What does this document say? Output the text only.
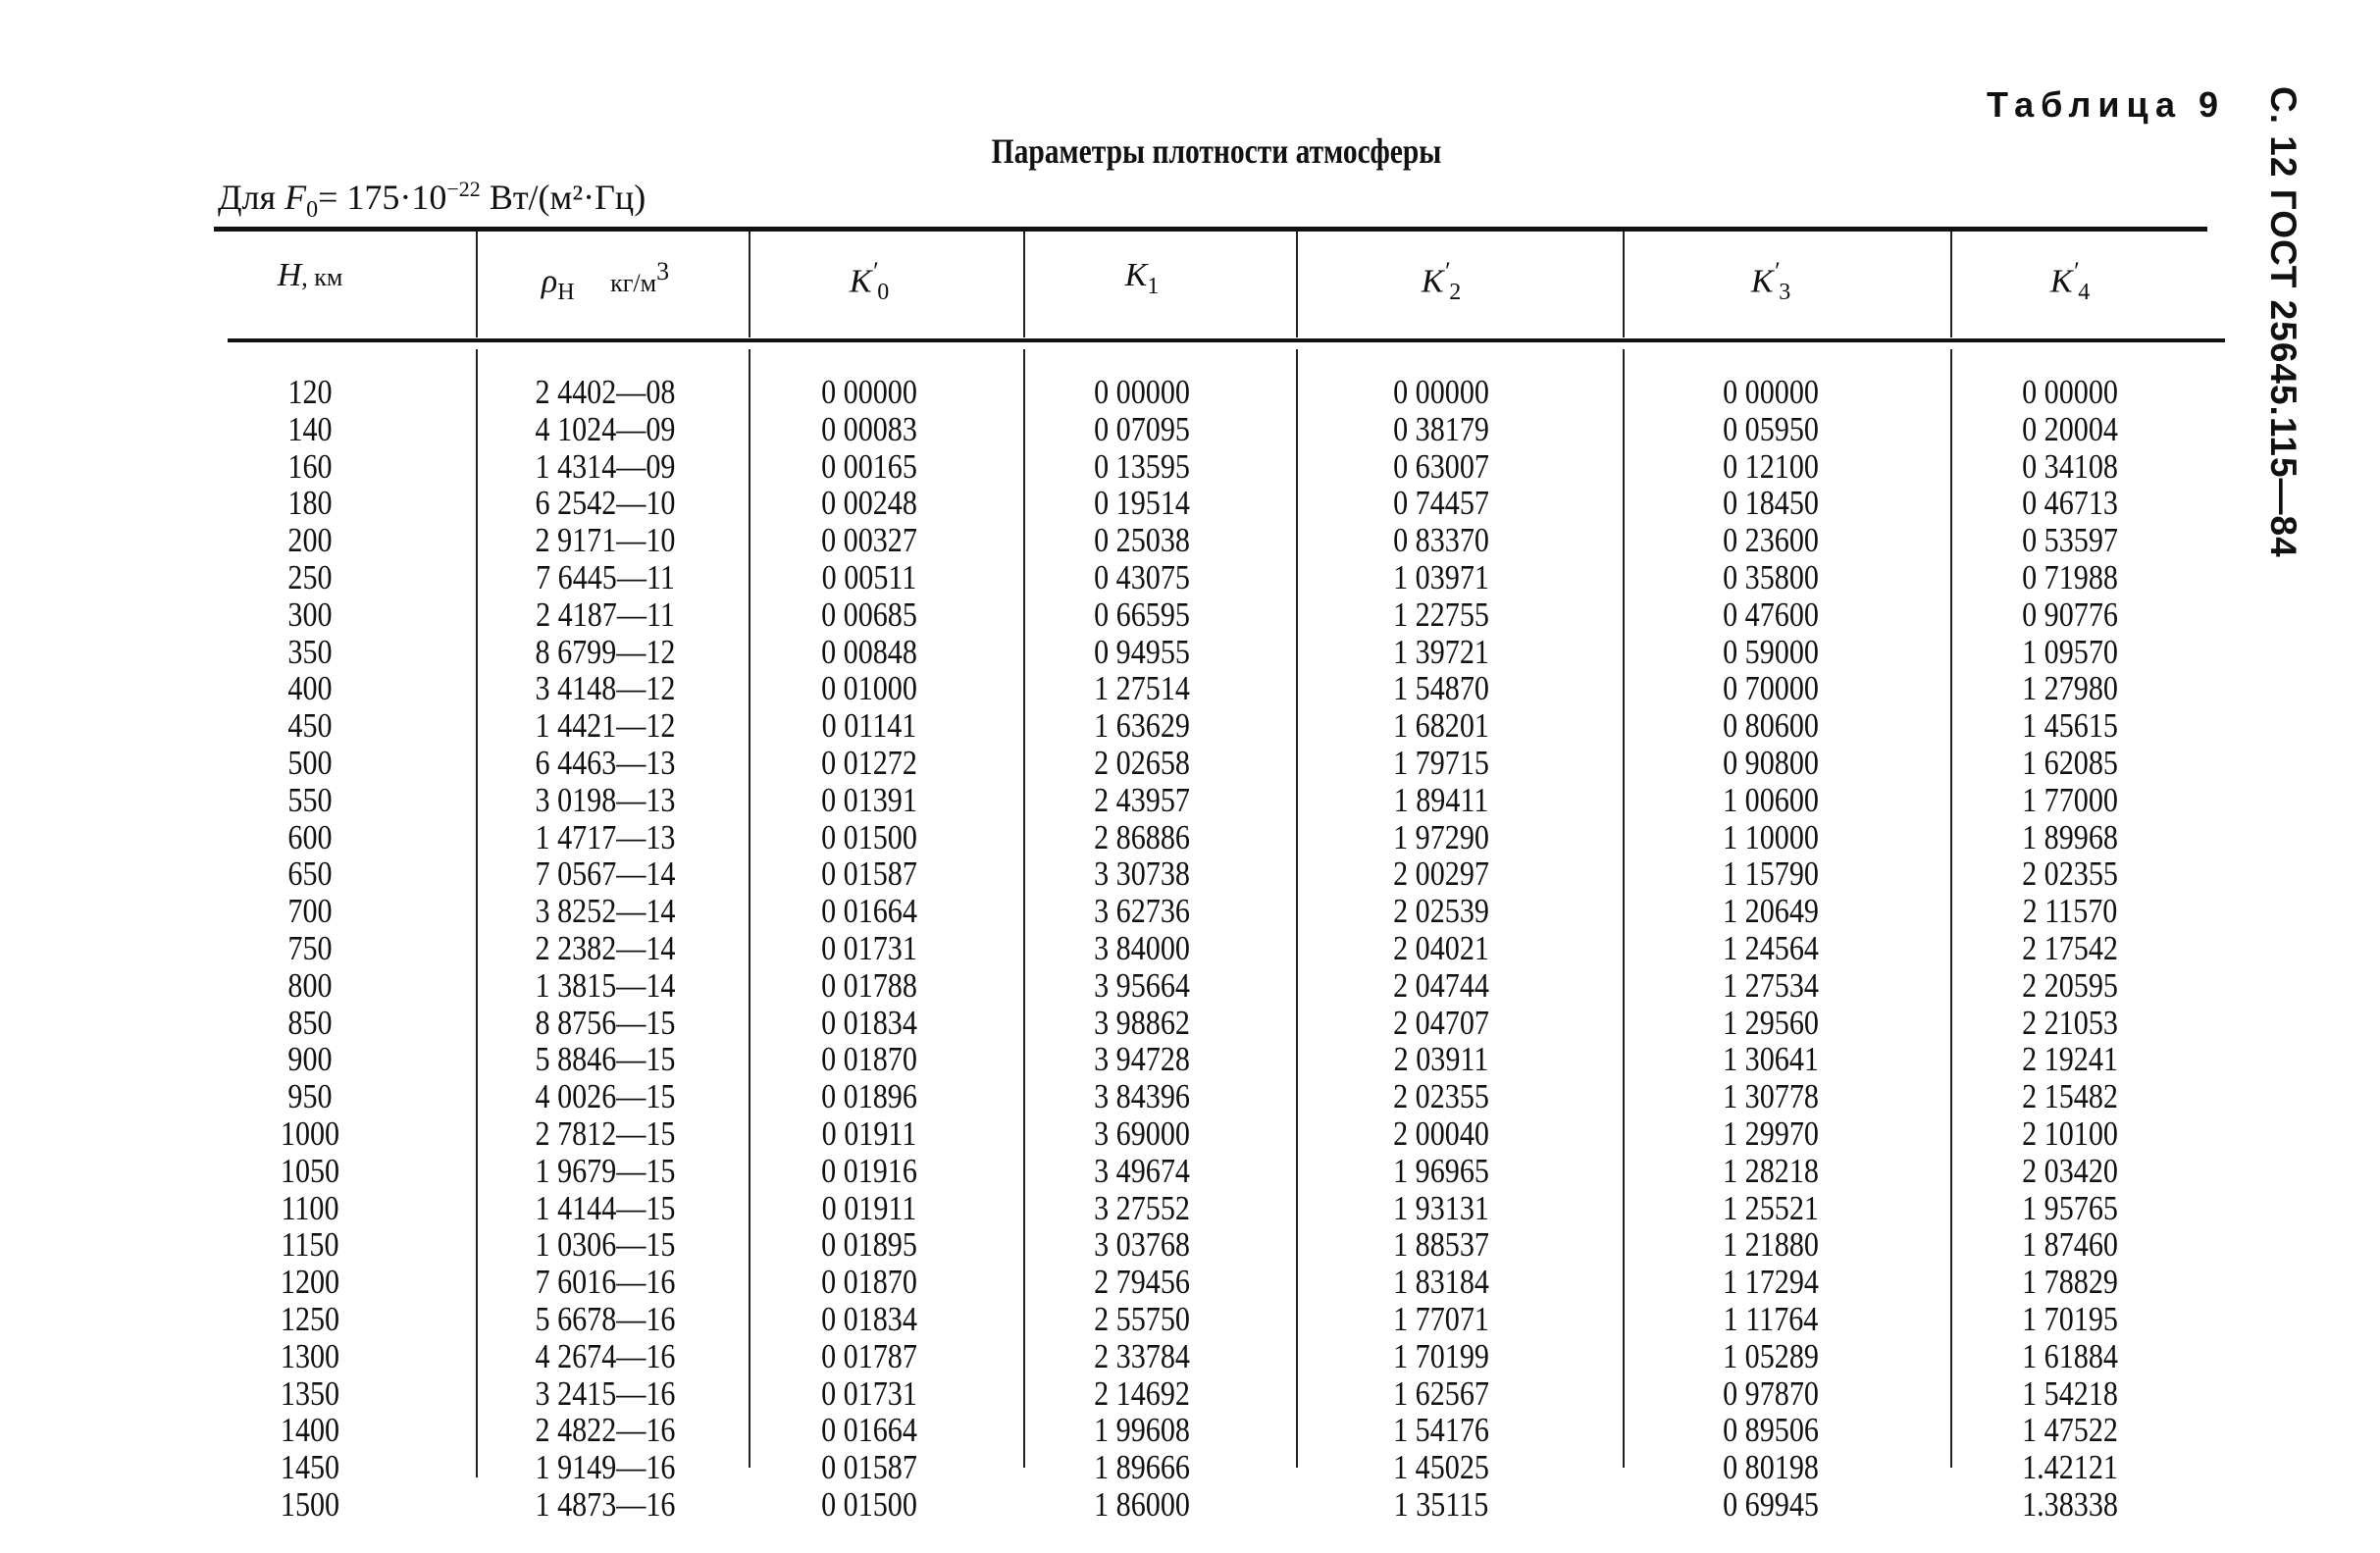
Таблица 9 С. 12 ГОСТ 25645.115—84
Параметры плотности атмосферы
Для $F_0= 175\cdot 10^{-22}$ Вт/(м²·Гц)
H, км	$\rho_H$ $кг/м^3$	$K'_0$	$K_1$	$K'_2$	$K'_3$	$K'_4$
120	2 4402—08	0 00000	0 00000	0 00000	0 00000	0 00000
140	4 1024—09	0 00083	0 07095	0 38179	0 05950	0 20004
160	1 4314—09	0 00165	0 13595	0 63007	0 12100	0 34108
180	6 2542—10	0 00248	0 19514	0 74457	0 18450	0 46713
200	2 9171—10	0 00327	0 25038	0 83370	0 23600	0 53597
250	7 6445—11	0 00511	0 43075	1 03971	0 35800	0 71988
300	2 4187—11	0 00685	0 66595	1 22755	0 47600	0 90776
350	8 6799—12	0 00848	0 94955	1 39721	0 59000	1 09570
400	3 4148—12	0 01000	1 27514	1 54870	0 70000	1 27980
450	1 4421—12	0 01141	1 63629	1 68201	0 80600	1 45615
500	6 4463—13	0 01272	2 02658	1 79715	0 90800	1 62085
550	3 0198—13	0 01391	2 43957	1 89411	1 00600	1 77000
600	1 4717—13	0 01500	2 86886	1 97290	1 10000	1 89968
650	7 0567—14	0 01587	3 30738	2 00297	1 15790	2 02355
700	3 8252—14	0 01664	3 62736	2 02539	1 20649	2 11570
750	2 2382—14	0 01731	3 84000	2 04021	1 24564	2 17542
800	1 3815—14	0 01788	3 95664	2 04744	1 27534	2 20595
850	8 8756—15	0 01834	3 98862	2 04707	1 29560	2 21053
900	5 8846—15	0 01870	3 94728	2 03911	1 30641	2 19241
950	4 0026—15	0 01896	3 84396	2 02355	1 30778	2 15482
1000	2 7812—15	0 01911	3 69000	2 00040	1 29970	2 10100
1050	1 9679—15	0 01916	3 49674	1 96965	1 28218	2 03420
1100	1 4144—15	0 01911	3 27552	1 93131	1 25521	1 95765
1150	1 0306—15	0 01895	3 03768	1 88537	1 21880	1 87460
1200	7 6016—16	0 01870	2 79456	1 83184	1 17294	1 78829
1250	5 6678—16	0 01834	2 55750	1 77071	1 11764	1 70195
1300	4 2674—16	0 01787	2 33784	1 70199	1 05289	1 61884
1350	3 2415—16	0 01731	2 14692	1 62567	0 97870	1 54218
1400	2 4822—16	0 01664	1 99608	1 54176	0 89506	1 47522
1450	1 9149—16	0 01587	1 89666	1 45025	0 80198	1.42121
1500	1 4873—16	0 01500	1 86000	1 35115	0 69945	1.38338
